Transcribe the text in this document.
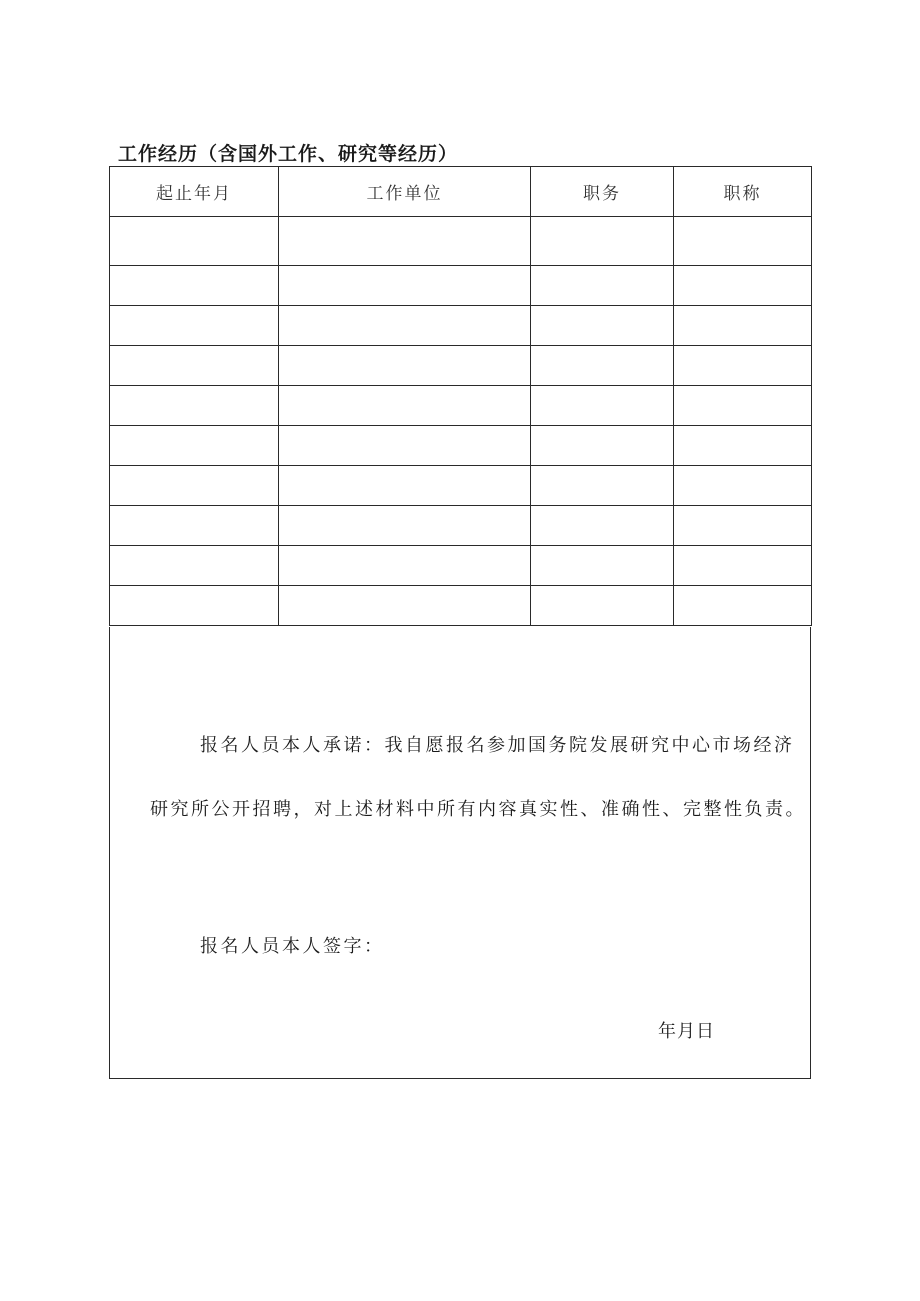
工作经历（含国外工作、研究等经历）
起止年月	工作单位	职务	职称

报名人员本人承诺：我自愿报名参加国务院发展研究中心市场经济研究所公开招聘，对上述材料中所有内容真实性、准确性、完整性负责。
报名人员本人签字：
年月日
